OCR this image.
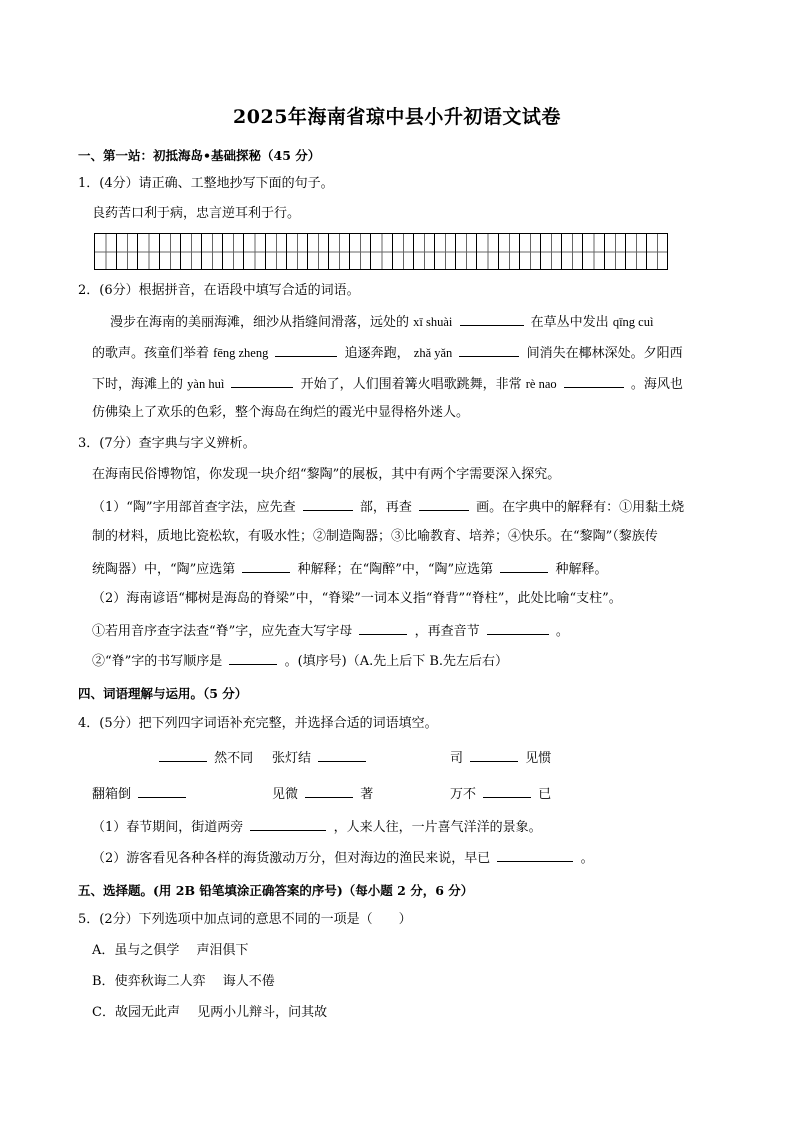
2025年海南省琼中县小升初语文试卷
一、第一站：初抵海岛•基础探秘（45 分）
1．(4分）请正确、工整地抄写下面的句子。
良药苦口利于病，忠言逆耳利于行。
2．(6分）根据拼音，在语段中填写合适的词语。
漫步在海南的美丽海滩，细沙从指缝间滑落，远处的 xī shuài	在草丛中发出 qīng cuì
的歌声。孩童们举着 fēng zheng	追逐奔跑， zhǎ yǎn	间消失在椰林深处。夕阳西
下时，海滩上的 yàn huì	开始了，人们围着篝火唱歌跳舞，非常 rè nao	。海风也
仿佛染上了欢乐的色彩，整个海岛在绚烂的霞光中显得格外迷人。
3．(7分）查字典与字义辨析。
在海南民俗博物馆，你发现一块介绍“黎陶”的展板，其中有两个字需要深入探究。
（1）“陶”字用部首查字法，应先查	部，再查	画。在字典中的解释有：①用黏土烧
制的材料，质地比瓷松软，有吸水性；②制造陶器；③比喻教育、培养；④快乐。在“黎陶”（黎族传
统陶器）中，“陶”应选第	种解释；在“陶醉”中，“陶”应选第	种解释。
（2）海南谚语“椰树是海岛的脊梁”中，“脊梁”一词本义指“脊背”“脊柱”，此处比喻“支柱”。
①若用音序查字法查“脊”字，应先查大写字母	，再查音节	。
②“脊”字的书写顺序是	。(填序号)（A.先上后下 B.先左后右）
四、词语理解与运用。（5 分）
4．(5分）把下列四字词语补充完整，并选择合适的词语填空。
然不同 张灯结	司	见惯
翻箱倒	见微	著	万不	已
（1）春节期间，街道两旁	，人来人往，一片喜气洋洋的景象。
（2）游客看见各种各样的海货激动万分，但对海边的渔民来说，早已	。
五、选择题。(用 2B 铅笔填涂正确答案的序号)（每小题 2 分，6 分）
5．(2分）下列选项中加点词的意思不同的一项是（　　）
A．虽与之俱学　 声泪俱下
B．使弈秋诲二人弈　 诲人不倦
C．故园无此声　 见两小儿辩斗，问其故
